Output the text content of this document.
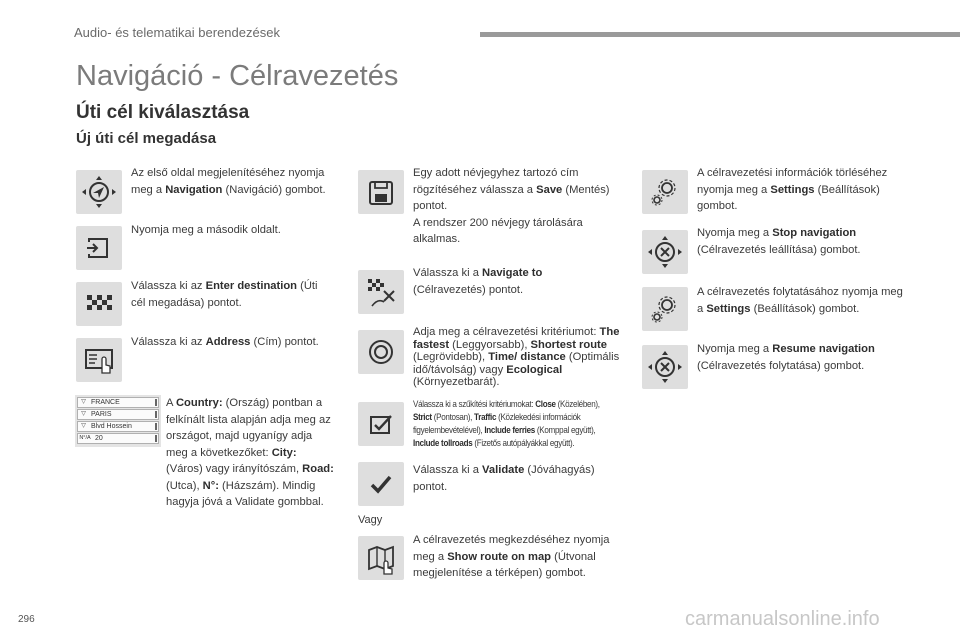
Audio- és telematikai berendezések
Navigáció - Célravezetés
Úti cél kiválasztása
Új úti cél megadása
Az első oldal megjelenítéséhez nyomja meg a Navigation (Navigáció) gombot.
Nyomja meg a második oldalt.
Válassza ki az Enter destination (Úti cél megadása) pontot.
Válassza ki az Address (Cím) pontot.
▽ FRANCE
▽ PARIS
▽ Blvd Hossein
N°/A 20
A Country: (Ország) pontban a felkínált lista alapján adja meg az országot, majd ugyanígy adja meg a következőket: City: (Város) vagy irányítószám, Road: (Utca), N°: (Házszám). Mindig hagyja jóvá a Validate gombbal.
Egy adott névjegyhez tartozó cím rögzítéséhez válassza a Save (Mentés) pontot.
A rendszer 200 névjegy tárolására alkalmas.
Válassza ki a Navigate to (Célravezetés) pontot.
Adja meg a célravezetési kritériumot: The fastest (Leggyorsabb), Shortest route (Legrövidebb), Time/ distance (Optimális idő/távolság) vagy Ecological (Környezetbarát).
Válassza ki a szűkítési kritériumokat: Close (Közelében), Strict (Pontosan), Traffic (Közlekedési információk figyelembevételével), Include ferries (Komppal együtt), Include tollroads (Fizetős autópályákkal együtt).
Válassza ki a Validate (Jóváhagyás) pontot.
Vagy
A célravezetés megkezdéséhez nyomja meg a Show route on map (Útvonal megjelenítése a térképen) gombot.
A célravezetési információk törléséhez nyomja meg a Settings (Beállítások) gombot.
Nyomja meg a Stop navigation (Célravezetés leállítása) gombot.
A célravezetés folytatásához nyomja meg a Settings (Beállítások) gombot.
Nyomja meg a Resume navigation (Célravezetés folytatása) gombot.
296	carmanualsonline.info
